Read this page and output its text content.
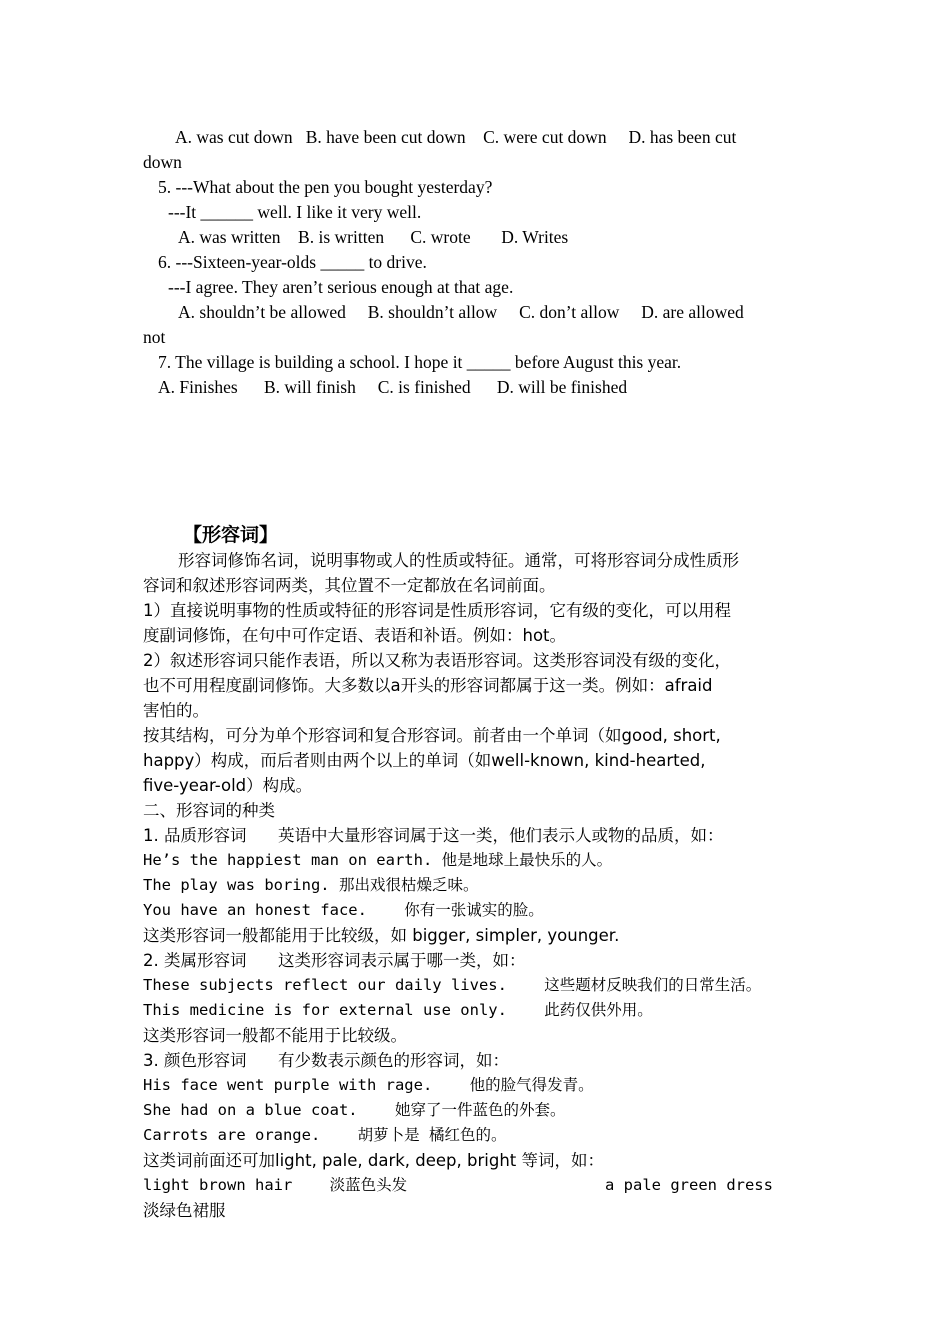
A. was cut down   B. have been cut down    C. were cut down     D. has been cut
down
5. ---What about the pen you bought yesterday?
---It ______ well. I like it very well.
A. was written    B. is written      C. wrote       D. Writes
6. ---Sixteen-year-olds _____ to drive.
---I agree. They aren’t serious enough at that age.
A. shouldn’t be allowed     B. shouldn’t allow     C. don’t allow     D. are allowed
not
7. The village is building a school. I hope it _____ before August this year.
A. Finishes      B. will finish     C. is finished      D. will be finished
【形容词】
形容词修饰名词，说明事物或人的性质或特征。通常，可将形容词分成性质形
容词和叙述形容词两类，其位置不一定都放在名词前面。
1）直接说明事物的性质或特征的形容词是性质形容词，它有级的变化，可以用程
度副词修饰，在句中可作定语、表语和补语。例如：hot。
2）叙述形容词只能作表语，所以又称为表语形容词。这类形容词没有级的变化，
也不可用程度副词修饰。大多数以a开头的形容词都属于这一类。例如：afraid
害怕的。
按其结构，可分为单个形容词和复合形容词。前者由一个单词（如good, short,
happy）构成，而后者则由两个以上的单词（如well-known, kind-hearted,
five-year-old）构成。
二、形容词的种类
1. 品质形容词      英语中大量形容词属于这一类，他们表示人或物的品质，如：
He’s the happiest man on earth. 他是地球上最快乐的人。
The play was boring. 那出戏很枯燥乏味。
You have an honest face.    你有一张诚实的脸。
这类形容词一般都能用于比较级，如 bigger, simpler, younger.
2. 类属形容词      这类形容词表示属于哪一类，如：
These subjects reflect our daily lives.    这些题材反映我们的日常生活。
This medicine is for external use only.    此药仅供外用。
这类形容词一般都不能用于比较级。
3. 颜色形容词      有少数表示颜色的形容词，如：
His face went purple with rage.    他的脸气得发青。
She had on a blue coat.    她穿了一件蓝色的外套。
Carrots are orange.    胡萝卜是 橘红色的。
这类词前面还可加light, pale, dark, deep, bright 等词，如：
light brown hair    淡蓝色头发	a pale green dress
淡绿色裙服
